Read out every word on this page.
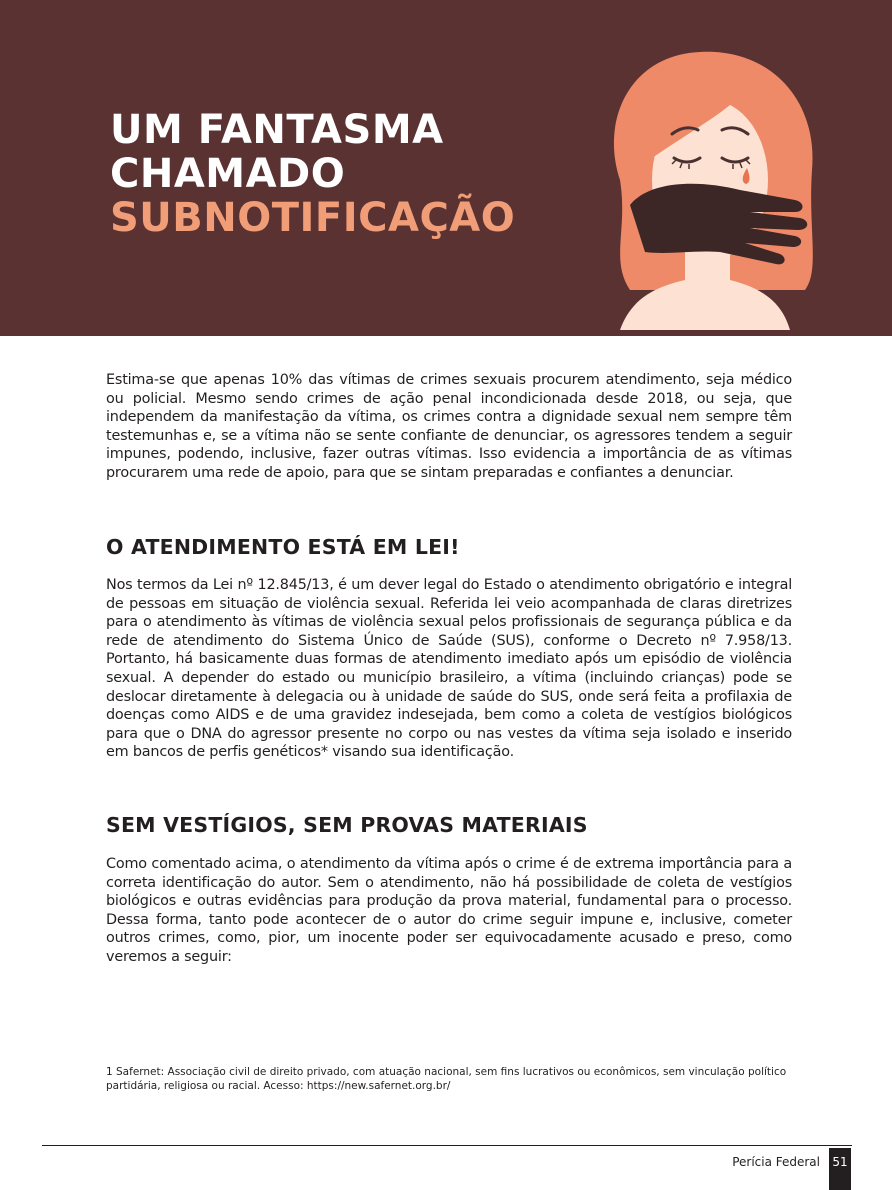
UM FANTASMA
CHAMADO
SUBNOTIFICAÇÃO

Estima-se que apenas 10% das vítimas de crimes sexuais procurem atendimento, seja médico ou policial. Mesmo sendo crimes de ação penal incondicionada desde 2018, ou seja, que independem da manifestação da vítima, os crimes contra a dignidade sexual nem sempre têm testemunhas e, se a vítima não se sente confiante de denunciar, os agressores tendem a seguir impunes, podendo, inclusive, fazer outras vítimas. Isso evidencia a importância de as vítimas procurarem uma rede de apoio, para que se sintam preparadas e confiantes a denunciar.

O ATENDIMENTO ESTÁ EM LEI!

Nos termos da Lei nº 12.845/13, é um dever legal do Estado o atendimento obrigatório e integral de pessoas em situação de violência sexual. Referida lei veio acompanhada de claras diretrizes para o atendimento às vítimas de violência sexual pelos profissionais de segurança pública e da rede de atendimento do Sistema Único de Saúde (SUS), conforme o Decreto nº 7.958/13. Portanto, há basicamente duas formas de atendimento imediato após um episódio de violência sexual. A depender do estado ou município brasileiro, a vítima (incluindo crianças) pode se deslocar diretamente à delegacia ou à unidade de saúde do SUS, onde será feita a profilaxia de doenças como AIDS e de uma gravidez indesejada, bem como a coleta de vestígios biológicos para que o DNA do agressor presente no corpo ou nas vestes da vítima seja isolado e inserido em bancos de perfis genéticos* visando sua identificação.

SEM VESTÍGIOS, SEM PROVAS MATERIAIS

Como comentado acima, o atendimento da vítima após o crime é de extrema importância para a correta identificação do autor. Sem o atendimento, não há possibilidade de coleta de vestígios biológicos e outras evidências para produção da prova material, fundamental para o processo. Dessa forma, tanto pode acontecer de o autor do crime seguir impune e, inclusive, cometer outros crimes, como, pior, um inocente poder ser equivocadamente acusado e preso, como veremos a seguir:

1 Safernet: Associação civil de direito privado, com atuação nacional, sem fins lucrativos ou econômicos, sem vinculação político partidária, religiosa ou racial. Acesso: https://new.safernet.org.br/
Perícia Federal 51
